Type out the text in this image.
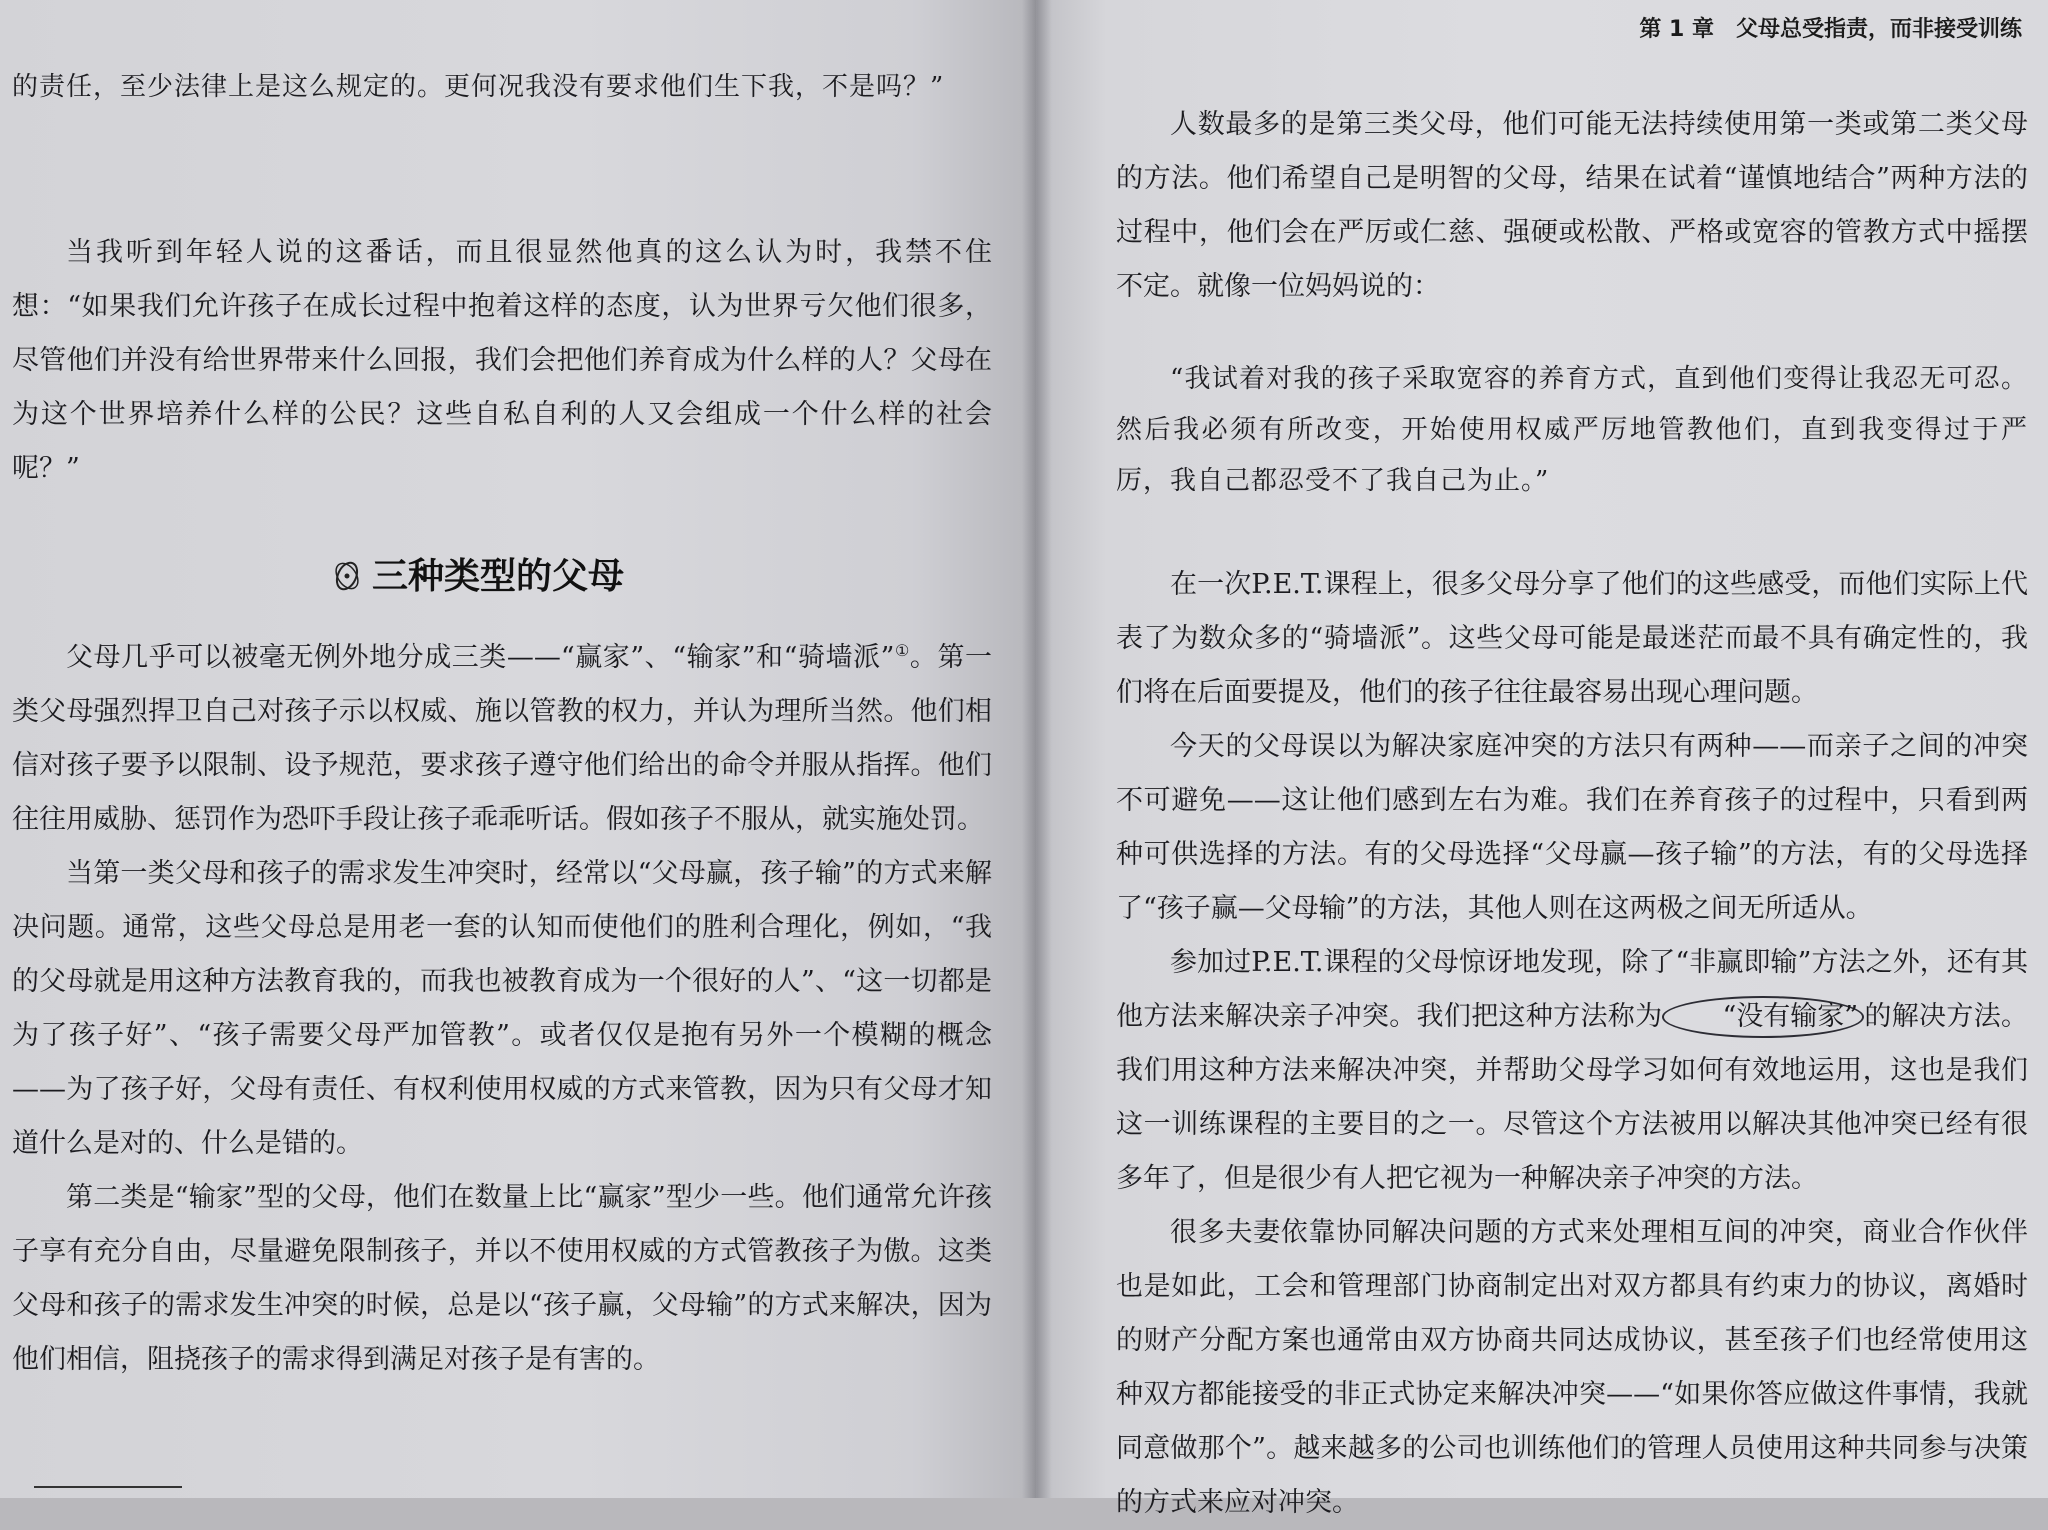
的责任，至少法律上是这么规定的。更何况我没有要求他们生下我，不是吗？”

当我听到年轻人说的这番话，而且很显然他真的这么认为时，我禁不住想：“如果我们允许孩子在成长过程中抱着这样的态度，认为世界亏欠他们很多，尽管他们并没有给世界带来什么回报，我们会把他们养育成为什么样的人？父母在为这个世界培养什么样的公民？这些自私自利的人又会组成一个什么样的社会呢？”

三种类型的父母

父母几乎可以被毫无例外地分成三类——“赢家”、“输家”和“骑墙派”①。第一类父母强烈捍卫自己对孩子示以权威、施以管教的权力，并认为理所当然。他们相信对孩子要予以限制、设予规范，要求孩子遵守他们给出的命令并服从指挥。他们往往用威胁、惩罚作为恐吓手段让孩子乖乖听话。假如孩子不服从，就实施处罚。

当第一类父母和孩子的需求发生冲突时，经常以“父母赢，孩子输”的方式来解决问题。通常，这些父母总是用老一套的认知而使他们的胜利合理化，例如，“我的父母就是用这种方法教育我的，而我也被教育成为一个很好的人”、“这一切都是为了孩子好”、“孩子需要父母严加管教”。或者仅仅是抱有另外一个模糊的概念——为了孩子好，父母有责任、有权利使用权威的方式来管教，因为只有父母才知道什么是对的、什么是错的。

第二类是“输家”型的父母，他们在数量上比“赢家”型少一些。他们通常允许孩子享有充分自由，尽量避免限制孩子，并以不使用权威的方式管教孩子为傲。这类父母和孩子的需求发生冲突的时候，总是以“孩子赢，父母输”的方式来解决，因为他们相信，阻挠孩子的需求得到满足对孩子是有害的。

第 1 章　父母总受指责，而非接受训练

人数最多的是第三类父母，他们可能无法持续使用第一类或第二类父母的方法。他们希望自己是明智的父母，结果在试着“谨慎地结合”两种方法的过程中，他们会在严厉或仁慈、强硬或松散、严格或宽容的管教方式中摇摆不定。就像一位妈妈说的：

“我试着对我的孩子采取宽容的养育方式，直到他们变得让我忍无可忍。然后我必须有所改变，开始使用权威严厉地管教他们，直到我变得过于严厉，我自己都忍受不了我自己为止。”

在一次P.E.T.课程上，很多父母分享了他们的这些感受，而他们实际上代表了为数众多的“骑墙派”。这些父母可能是最迷茫而最不具有确定性的，我们将在后面要提及，他们的孩子往往最容易出现心理问题。

今天的父母误以为解决家庭冲突的方法只有两种——而亲子之间的冲突不可避免——这让他们感到左右为难。我们在养育孩子的过程中，只看到两种可供选择的方法。有的父母选择“父母赢—孩子输”的方法，有的父母选择了“孩子赢—父母输”的方法，其他人则在这两极之间无所适从。

参加过P.E.T.课程的父母惊讶地发现，除了“非赢即输”方法之外，还有其他方法来解决亲子冲突。我们把这种方法称为 “没有输家” 的解决方法。我们用这种方法来解决冲突，并帮助父母学习如何有效地运用，这也是我们这一训练课程的主要目的之一。尽管这个方法被用以解决其他冲突已经有很多年了，但是很少有人把它视为一种解决亲子冲突的方法。

很多夫妻依靠协同解决问题的方式来处理相互间的冲突，商业合作伙伴也是如此，工会和管理部门协商制定出对双方都具有约束力的协议，离婚时的财产分配方案也通常由双方协商共同达成协议，甚至孩子们也经常使用这种双方都能接受的非正式协定来解决冲突——“如果你答应做这件事情，我就同意做那个”。越来越多的公司也训练他们的管理人员使用这种共同参与决策的方式来应对冲突。
